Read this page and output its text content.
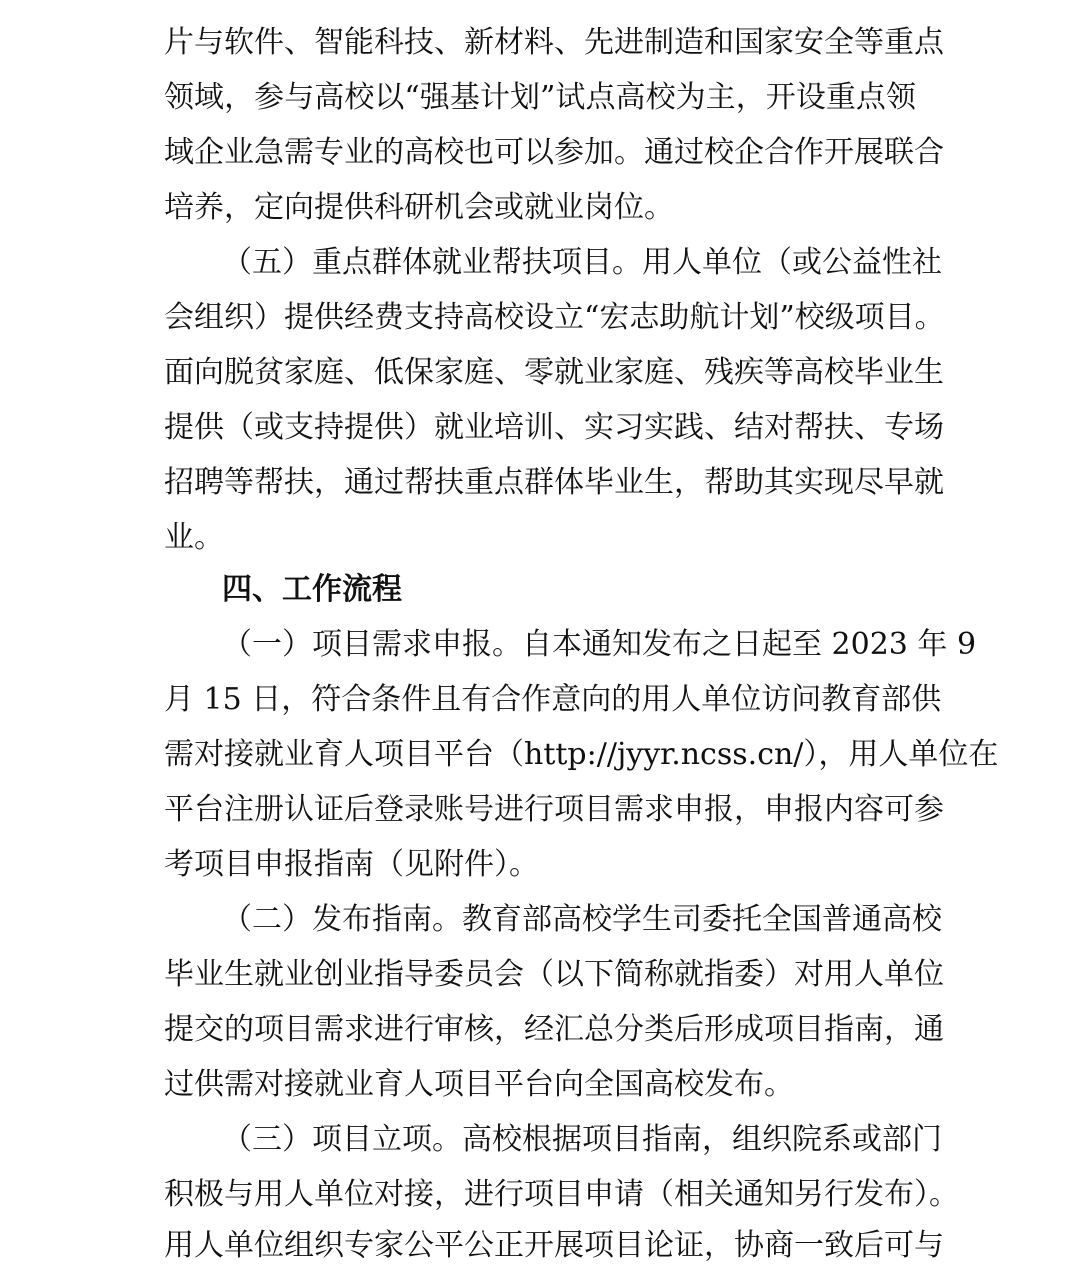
片与软件、智能科技、新材料、先进制造和国家安全等重点
领域，参与高校以“强基计划”试点高校为主，开设重点领
域企业急需专业的高校也可以参加。通过校企合作开展联合
培养，定向提供科研机会或就业岗位。
（五）重点群体就业帮扶项目。用人单位（或公益性社
会组织）提供经费支持高校设立“宏志助航计划”校级项目。
面向脱贫家庭、低保家庭、零就业家庭、残疾等高校毕业生
提供（或支持提供）就业培训、实习实践、结对帮扶、专场
招聘等帮扶，通过帮扶重点群体毕业生，帮助其实现尽早就
业。
四、工作流程
（一）项目需求申报。自本通知发布之日起至 2023 年 9
月 15 日，符合条件且有合作意向的用人单位访问教育部供
需对接就业育人项目平台（http://jyyr.ncss.cn/），用人单位在
平台注册认证后登录账号进行项目需求申报，申报内容可参
考项目申报指南（见附件）。
（二）发布指南。教育部高校学生司委托全国普通高校
毕业生就业创业指导委员会（以下简称就指委）对用人单位
提交的项目需求进行审核，经汇总分类后形成项目指南，通
过供需对接就业育人项目平台向全国高校发布。
（三）项目立项。高校根据项目指南，组织院系或部门
积极与用人单位对接，进行项目申请（相关通知另行发布）。
用人单位组织专家公平公正开展项目论证，协商一致后可与
